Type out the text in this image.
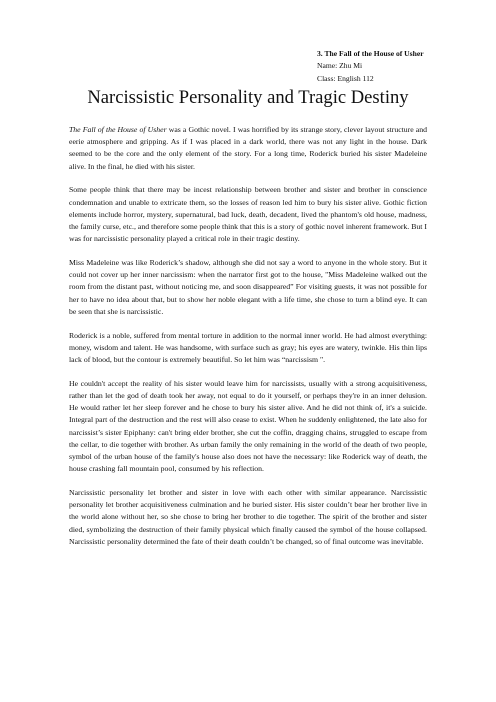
3. The Fall of the House of Usher
Name: Zhu Mi
Class: English 112
Narcissistic Personality and Tragic Destiny

The Fall of the House of Usher was a Gothic novel. I was horrified by its strange story, clever layout structure and eerie atmosphere and gripping. As if I was placed in a dark world, there was not any light in the house. Dark seemed to be the core and the only element of the story. For a long time, Roderick buried his sister Madeleine alive. In the final, he died with his sister.

Some people think that there may be incest relationship between brother and sister and brother in conscience condemnation and unable to extricate them, so the losses of reason led him to bury his sister alive. Gothic fiction elements include horror, mystery, supernatural, bad luck, death, decadent, lived the phantom's old house, madness, the family curse, etc., and therefore some people think that this is a story of gothic novel inherent framework. But I was for narcissistic personality played a critical role in their tragic destiny.

Miss Madeleine was like Roderick’s shadow, although she did not say a word to anyone in the whole story. But it could not cover up her inner narcissism: when the narrator first got to the house, "Miss Madeleine walked out the room from the distant past, without noticing me, and soon disappeared” For visiting guests, it was not possible for her to have no idea about that, but to show her noble elegant with a life time, she chose to turn a blind eye. It can be seen that she is narcissistic.

Roderick is a noble, suffered from mental torture in addition to the normal inner world. He had almost everything: money, wisdom and talent. He was handsome, with surface such as gray; his eyes are watery, twinkle. His thin lips lack of blood, but the contour is extremely beautiful. So let him was “narcissism ".

He couldn't accept the reality of his sister would leave him for narcissists, usually with a strong acquisitiveness, rather than let the god of death took her away, not equal to do it yourself, or perhaps they're in an inner delusion. He would rather let her sleep forever and he chose to bury his sister alive. And he did not think of, it's a suicide. Integral part of the destruction and the rest will also cease to exist. When he suddenly enlightened, the late also for narcissist’s sister Epiphany: can't bring elder brother, she cut the coffin, dragging chains, struggled to escape from the cellar, to die together with brother. As urban family the only remaining in the world of the death of two people, symbol of the urban house of the family's house also does not have the necessary: like Roderick way of death, the house crashing fall mountain pool, consumed by his reflection.

Narcissistic personality let brother and sister in love with each other with similar appearance. Narcissistic personality let brother acquisitiveness culmination and he buried sister. His sister couldn’t bear her brother live in the world alone without her, so she chose to bring her brother to die together. The spirit of the brother and sister died, symbolizing the destruction of their family physical which finally caused the symbol of the house collapsed. Narcissistic personality determined the fate of their death couldn’t be changed, so of final outcome was inevitable.
